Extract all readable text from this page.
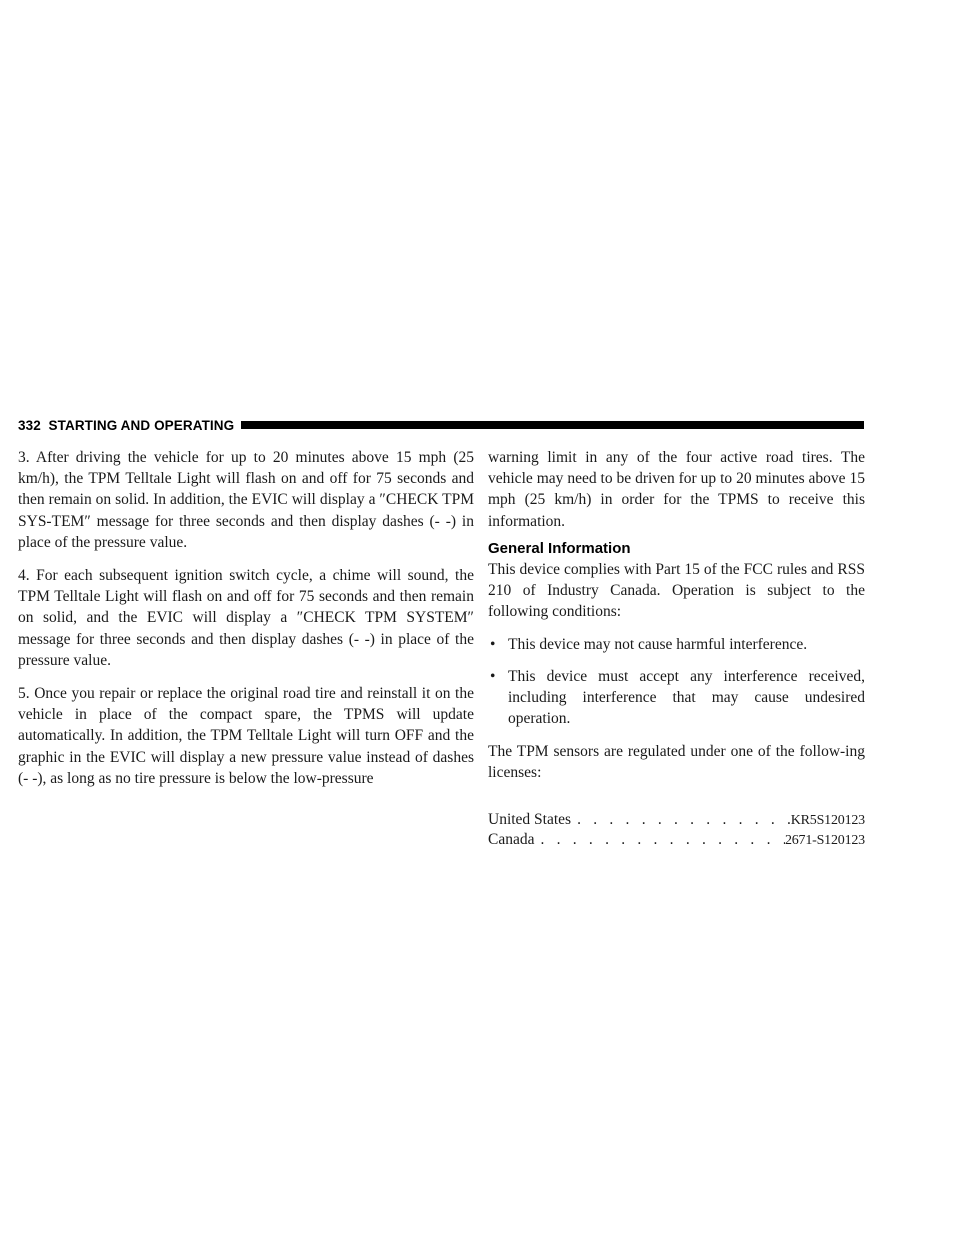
332 STARTING AND OPERATING

3. After driving the vehicle for up to 20 minutes above 15 mph (25 km/h), the TPM Telltale Light will flash on and off for 75 seconds and then remain on solid. In addition, the EVIC will display a ″CHECK TPM SYS-TEM″ message for three seconds and then display dashes (- -) in place of the pressure value.

4. For each subsequent ignition switch cycle, a chime will sound, the TPM Telltale Light will flash on and off for 75 seconds and then remain on solid, and the EVIC will display a ″CHECK TPM SYSTEM″ message for three seconds and then display dashes (- -) in place of the pressure value.

5. Once you repair or replace the original road tire and reinstall it on the vehicle in place of the compact spare, the TPMS will update automatically. In addition, the TPM Telltale Light will turn OFF and the graphic in the EVIC will display a new pressure value instead of dashes (- -), as long as no tire pressure is below the low-pressure

warning limit in any of the four active road tires. The vehicle may need to be driven for up to 20 minutes above 15 mph (25 km/h) in order for the TPMS to receive this information.

General Information

This device complies with Part 15 of the FCC rules and RSS 210 of Industry Canada. Operation is subject to the following conditions:

• This device may not cause harmful interference.
• This device must accept any interference received, including interference that may cause undesired operation.

The TPM sensors are regulated under one of the follow-ing licenses:

United States . . .	KR5S120123
Canada . . .	2671-S120123
